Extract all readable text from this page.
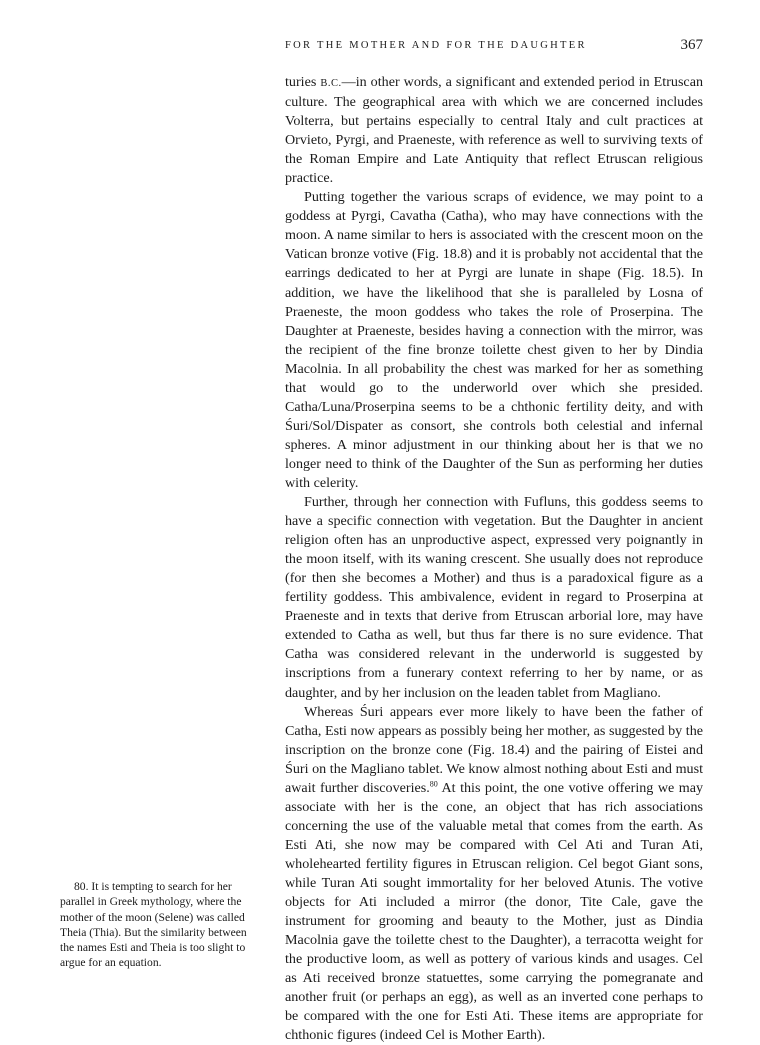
FOR THE MOTHER AND FOR THE DAUGHTER	367

turies B.C.—in other words, a significant and extended period in Etruscan culture. The geographical area with which we are concerned includes Volterra, but pertains especially to central Italy and cult practices at Orvieto, Pyrgi, and Praeneste, with reference as well to surviving texts of the Roman Empire and Late Antiquity that reflect Etruscan religious practice.

Putting together the various scraps of evidence, we may point to a goddess at Pyrgi, Cavatha (Catha), who may have connections with the moon. A name similar to hers is associated with the crescent moon on the Vatican bronze votive (Fig. 18.8) and it is probably not accidental that the earrings dedicated to her at Pyrgi are lunate in shape (Fig. 18.5). In addition, we have the likelihood that she is paralleled by Losna of Praeneste, the moon goddess who takes the role of Proserpina. The Daughter at Praeneste, besides having a connection with the mirror, was the recipient of the fine bronze toilette chest given to her by Dindia Macolnia. In all probability the chest was marked for her as something that would go to the underworld over which she presided. Catha/Luna/Proserpina seems to be a chthonic fertility deity, and with Śuri/Sol/Dispater as consort, she controls both celestial and infernal spheres. A minor adjustment in our thinking about her is that we no longer need to think of the Daughter of the Sun as performing her duties with celerity.

Further, through her connection with Fufluns, this goddess seems to have a specific connection with vegetation. But the Daughter in ancient religion often has an unproductive aspect, expressed very poignantly in the moon itself, with its waning crescent. She usually does not reproduce (for then she becomes a Mother) and thus is a paradoxical figure as a fertility goddess. This ambivalence, evident in regard to Proserpina at Praeneste and in texts that derive from Etruscan arborial lore, may have extended to Catha as well, but thus far there is no sure evidence. That Catha was considered relevant in the underworld is suggested by inscriptions from a funerary context referring to her by name, or as daughter, and by her inclusion on the leaden tablet from Magliano.

Whereas Śuri appears ever more likely to have been the father of Catha, Esti now appears as possibly being her mother, as suggested by the inscription on the bronze cone (Fig. 18.4) and the pairing of Eistei and Śuri on the Magliano tablet. We know almost nothing about Esti and must await further discoveries.$^{80}$ At this point, the one votive offering we may associate with her is the cone, an object that has rich associations concerning the use of the valuable metal that comes from the earth. As Esti Ati, she now may be compared with Cel Ati and Turan Ati, wholehearted fertility figures in Etruscan religion. Cel begot Giant sons, while Turan Ati sought immortality for her beloved Atunis. The votive objects for Ati included a mirror (the donor, Tite Cale, gave the instrument for grooming and beauty to the Mother, just as Dindia Macolnia gave the toilette chest to the Daughter), a terracotta weight for the productive loom, as well as pottery of various kinds and usages. Cel as Ati received bronze statuettes, some carrying the pomegranate and another fruit (or perhaps an egg), as well as an inverted cone perhaps to be compared with the one for Esti Ati. These items are appropriate for chthonic figures (indeed Cel is Mother Earth).

80. It is tempting to search for her parallel in Greek mythology, where the mother of the moon (Selene) was called Theia (Thia). But the similarity between the names Esti and Theia is too slight to argue for an equation.
